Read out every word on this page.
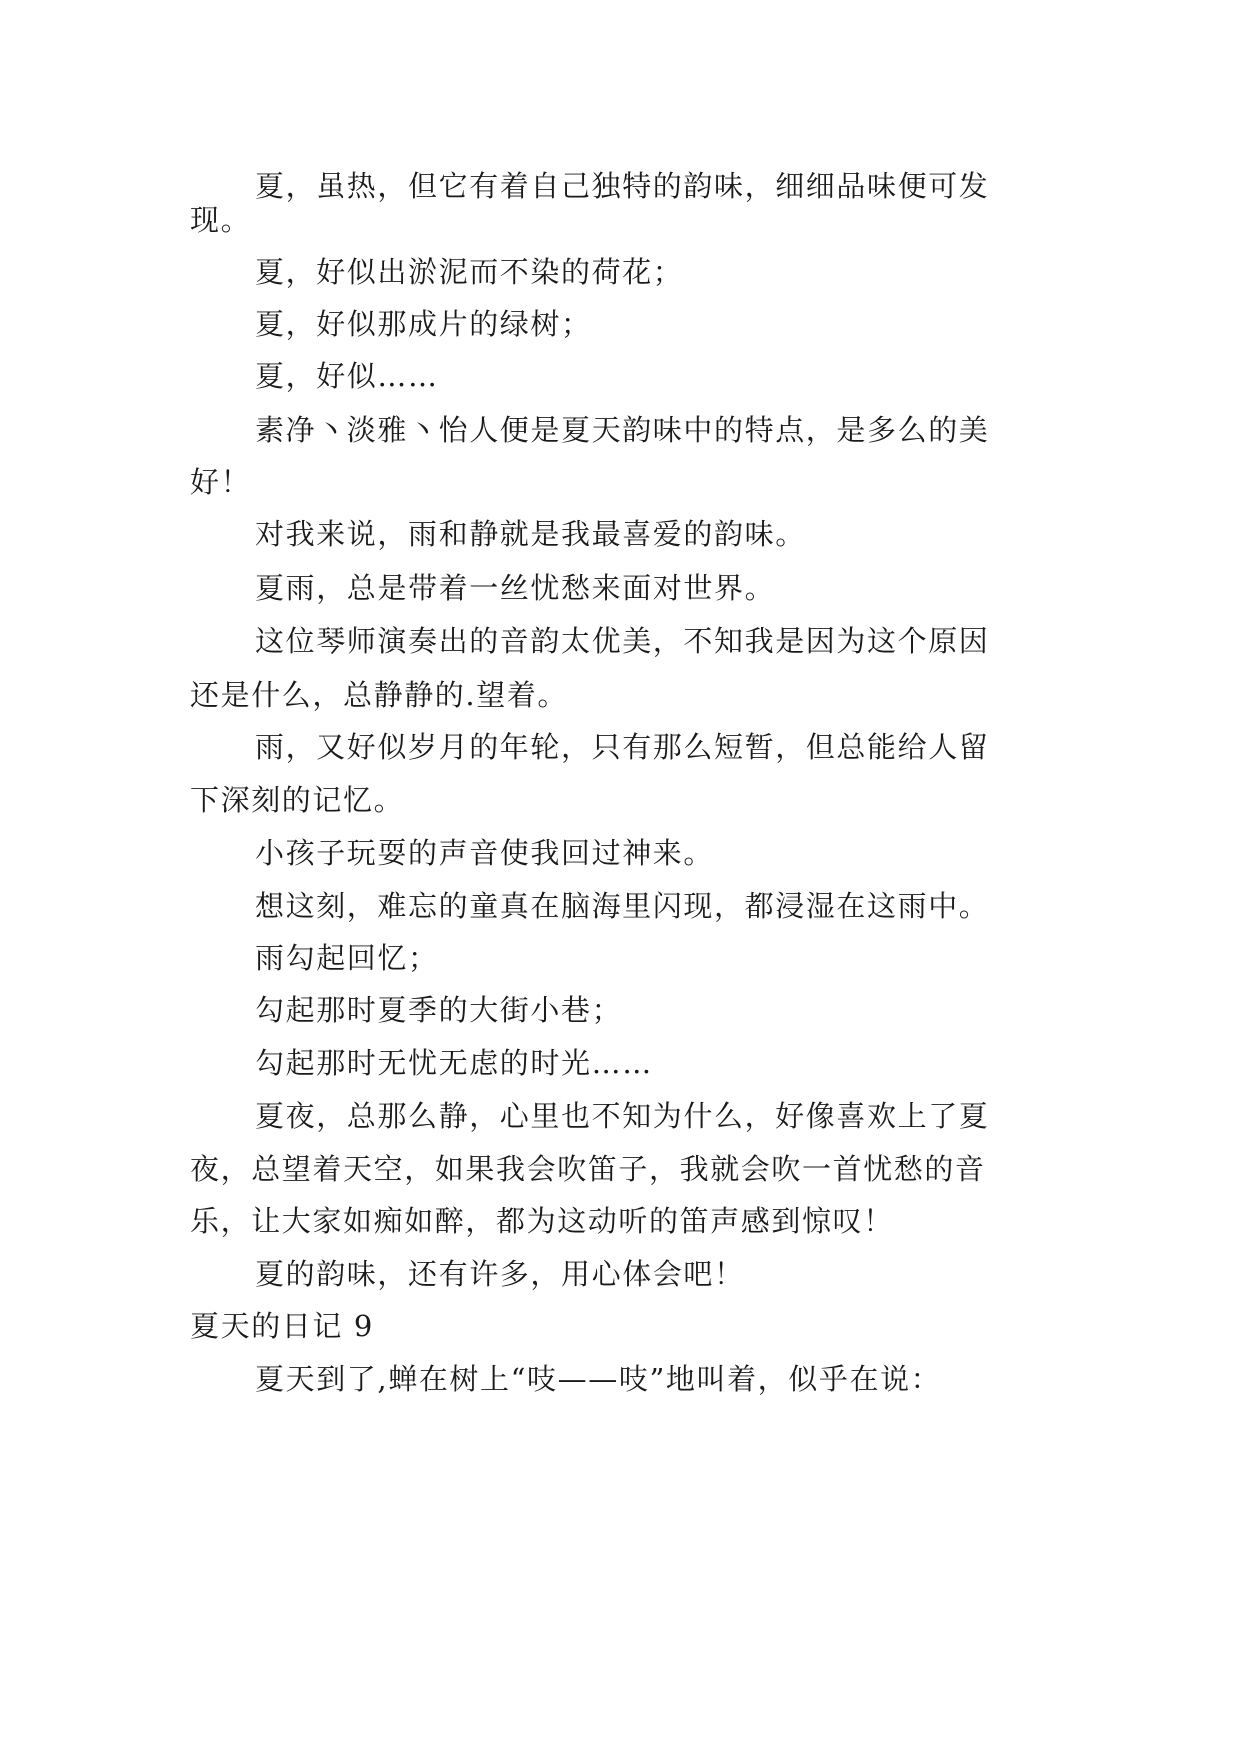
夏，虽热，但它有着自己独特的韵味，细细品味便可发
现。
夏，好似出淤泥而不染的荷花；
夏，好似那成片的绿树；
夏，好似……
素净丶淡雅丶怡人便是夏天韵味中的特点，是多么的美
好！
对我来说，雨和静就是我最喜爱的韵味。
夏雨，总是带着一丝忧愁来面对世界。
这位琴师演奏出的音韵太优美，不知我是因为这个原因
还是什么，总静静的.望着。
雨，又好似岁月的年轮，只有那么短暂，但总能给人留
下深刻的记忆。
小孩子玩耍的声音使我回过神来。
想这刻，难忘的童真在脑海里闪现，都浸湿在这雨中。
雨勾起回忆；
勾起那时夏季的大街小巷；
勾起那时无忧无虑的时光……
夏夜，总那么静，心里也不知为什么，好像喜欢上了夏
夜，总望着天空，如果我会吹笛子，我就会吹一首忧愁的音
乐，让大家如痴如醉，都为这动听的笛声感到惊叹！
夏的韵味，还有许多，用心体会吧！
夏天的日记 9
夏天到了,蝉在树上“吱——吱”地叫着，似乎在说：
